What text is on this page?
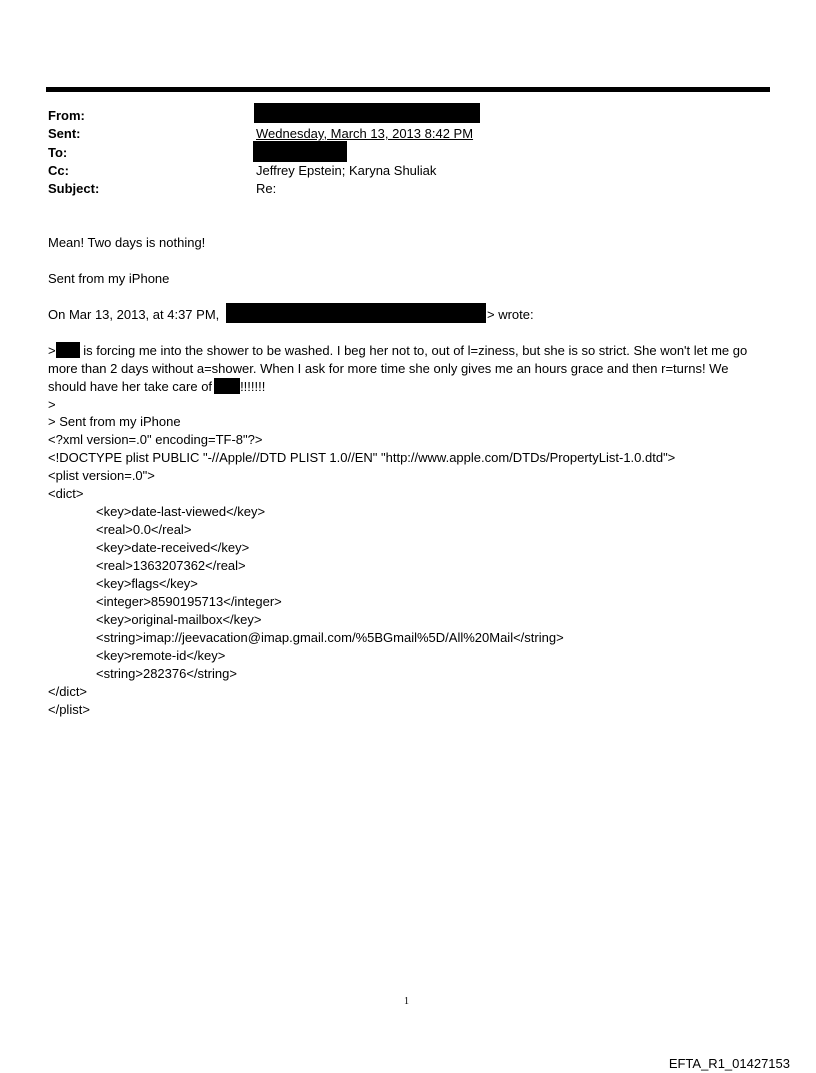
From:
Sent:
To:
Cc:
Subject:
Wednesday, March 13, 2013 8:42 PM
Jeffrey Epstein; Karyna Shuliak
Re:
Mean! Two days is nothing!
Sent from my iPhone
On Mar 13, 2013, at 4:37 PM,	> wrote:
> is forcing me into the shower to be washed. I beg her not to, out of l=ziness, but she is so strict. She won't let me go more than 2 days without a=shower. When I ask for more time she only gives me an hours grace and then r=turns! We should have her take care of !!!!!!!
>
> Sent from my iPhone
<?xml version=.0" encoding=TF-8"?>
<!DOCTYPE plist PUBLIC "-//Apple//DTD PLIST 1.0//EN" "http://www.apple.com/DTDs/PropertyList-1.0.dtd">
<plist version=.0">
<dict>
<key>date-last-viewed</key>
<real>0.0</real>
<key>date-received</key>
<real>1363207362</real>
<key>flags</key>
<integer>8590195713</integer>
<key>original-mailbox</key>
<string>imap://jeevacation@imap.gmail.com/%5BGmail%5D/All%20Mail</string>
<key>remote-id</key>
<string>282376</string>
</dict>
</plist>
1
EFTA_R1_01427153
